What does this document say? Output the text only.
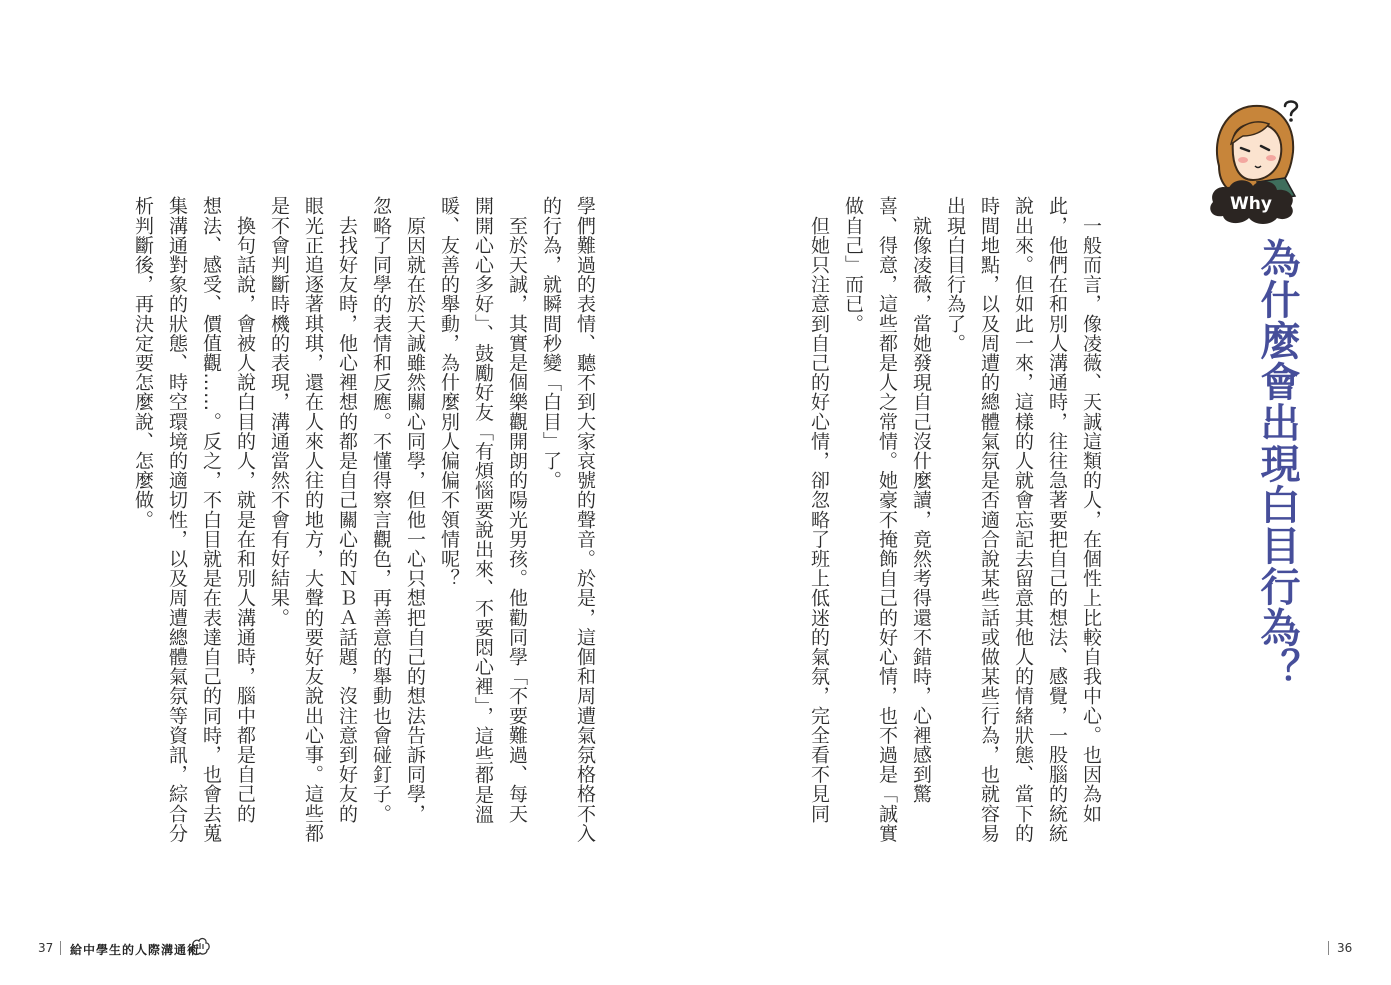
Why
為什麼會出現白目行為？
　一般而言，像凌薇、天誠這類的人，在個性上比較自我中心。也因為如
此，他們在和別人溝通時，往往急著要把自己的想法、感覺，一股腦的統統
說出來。但如此一來，這樣的人就會忘記去留意其他人的情緒狀態、當下的
時間地點，以及周遭的總體氣氛是否適合說某些話或做某些行為，也就容易
出現白目行為了。
　就像凌薇，當她發現自己沒什麼讀，竟然考得還不錯時，心裡感到驚
喜、得意，這些都是人之常情。她豪不掩飾自己的好心情，也不過是「誠實
做自己」而已。
　但她只注意到自己的好心情，卻忽略了班上低迷的氣氛，完全看不見同
36
學們難過的表情、聽不到大家哀號的聲音。於是，這個和周遭氣氛格格不入
的行為，就瞬間秒變「白目」了。
　至於天誠，其實是個樂觀開朗的陽光男孩。他勸同學「不要難過、每天
開開心心多好」、鼓勵好友「有煩惱要說出來、不要悶心裡」，這些都是溫
暖、友善的舉動，為什麼別人偏偏不領情呢？
　原因就在於天誠雖然關心同學，但他一心只想把自己的想法告訴同學，
忽略了同學的表情和反應。不懂得察言觀色，再善意的舉動也會碰釘子。
　去找好友時，他心裡想的都是自己關心的ＮＢＡ話題，沒注意到好友的
眼光正追逐著琪琪，還在人來人往的地方，大聲的要好友說出心事。這些都
是不會判斷時機的表現，溝通當然不會有好結果。
　換句話說，會被人說白目的人，就是在和別人溝通時，腦中都是自己的
想法、感受、價值觀……。反之，不白目就是在表達自己的同時，也會去蒐
集溝通對象的狀態、時空環境的適切性，以及周遭總體氣氛等資訊，綜合分
析判斷後，再決定要怎麼說、怎麼做。
37 給中學生的人際溝通術
